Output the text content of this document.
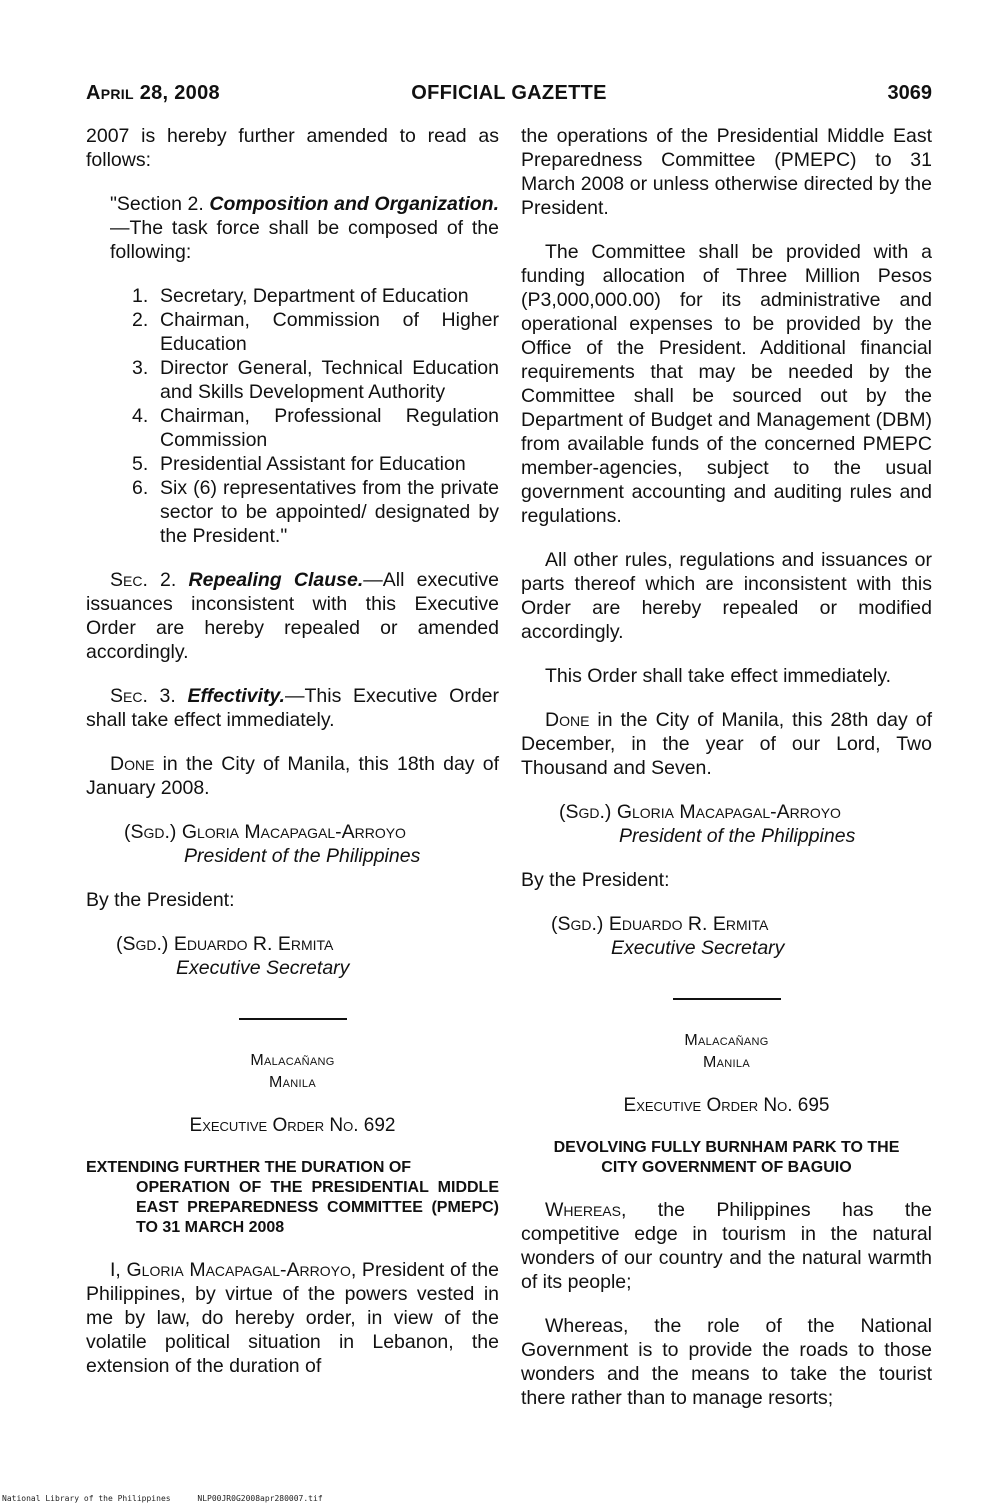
April 28, 2008	OFFICIAL GAZETTE	3069

2007 is hereby further amended to read as follows:

"Section 2. Composition and Organization.—The task force shall be composed of the following:

1. Secretary, Department of Education
2. Chairman, Commission of Higher Education
3. Director General, Technical Education and Skills Development Authority
4. Chairman, Professional Regulation Commission
5. Presidential Assistant for Education
6. Six (6) representatives from the private sector to be appointed/ designated by the President."

Sec. 2. Repealing Clause.—All executive issuances inconsistent with this Executive Order are hereby repealed or amended accordingly.

Sec. 3. Effectivity.—This Executive Order shall take effect immediately.

Done in the City of Manila, this 18th day of January 2008.

(Sgd.) Gloria Macapagal-Arroyo
President of the Philippines

By the President:

(Sgd.) Eduardo R. Ermita
Executive Secretary
Malacañang
Manila

Executive Order No. 692

EXTENDING FURTHER THE DURATION OF
OPERATION OF THE PRESIDENTIAL MIDDLE EAST PREPAREDNESS COMMITTEE (PMEPC) TO 31 MARCH 2008

I, Gloria Macapagal-Arroyo, President of the Philippines, by virtue of the powers vested in me by law, do hereby order, in view of the volatile political situation in Lebanon, the extension of the duration of

the operations of the Presidential Middle East Preparedness Committee (PMEPC) to 31 March 2008 or unless otherwise directed by the President.

The Committee shall be provided with a funding allocation of Three Million Pesos (P3,000,000.00) for its administrative and operational expenses to be provided by the Office of the President. Additional financial requirements that may be needed by the Committee shall be sourced out by the Department of Budget and Management (DBM) from available funds of the concerned PMEPC member-agencies, subject to the usual government accounting and auditing rules and regulations.

All other rules, regulations and issuances or parts thereof which are inconsistent with this Order are hereby repealed or modified accordingly.

This Order shall take effect immediately.

Done in the City of Manila, this 28th day of December, in the year of our Lord, Two Thousand and Seven.

(Sgd.) Gloria Macapagal-Arroyo
President of the Philippines

By the President:

(Sgd.) Eduardo R. Ermita
Executive Secretary
Malacañang
Manila

Executive Order No. 695

DEVOLVING FULLY BURNHAM PARK TO THE
CITY GOVERNMENT OF BAGUIO

Whereas, the Philippines has the competitive edge in tourism in the natural wonders of our country and the natural warmth of its people;

Whereas, the role of the National Government is to provide the roads to those wonders and the means to take the tourist there rather than to manage resorts;

National Library of the Philippines	NLP00JR0G2008apr280007.tif
